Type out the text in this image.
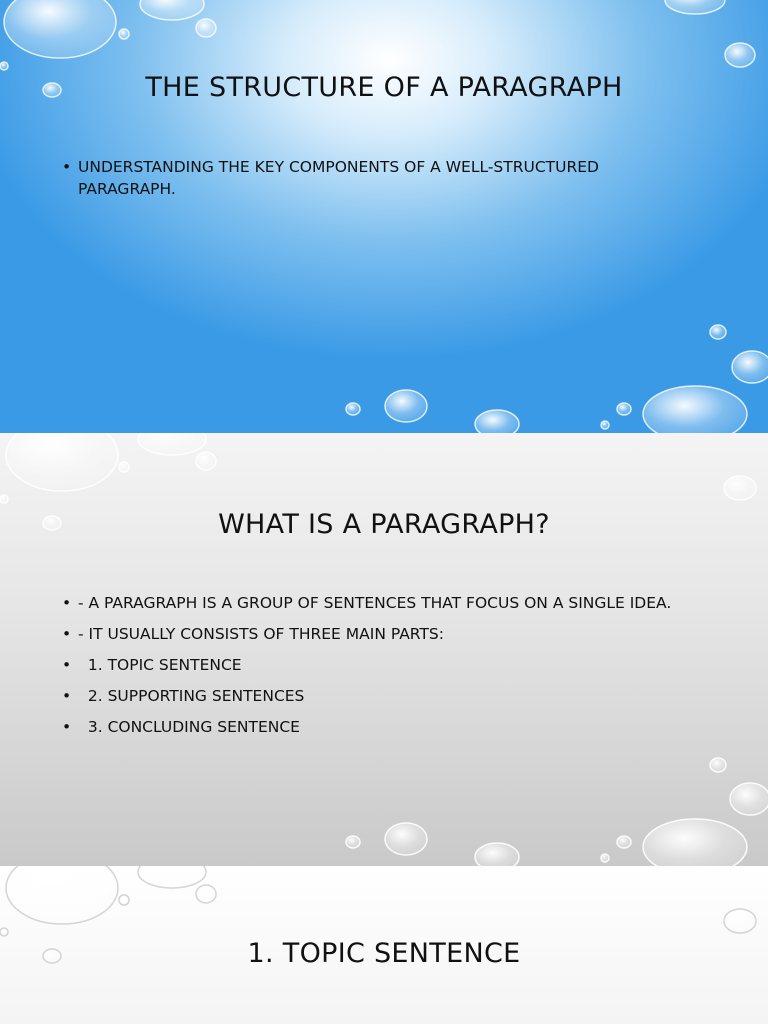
THE STRUCTURE OF A PARAGRAPH
• UNDERSTANDING THE KEY COMPONENTS OF A WELL-STRUCTURED PARAGRAPH.
WHAT IS A PARAGRAPH?
• - A PARAGRAPH IS A GROUP OF SENTENCES THAT FOCUS ON A SINGLE IDEA.
• - IT USUALLY CONSISTS OF THREE MAIN PARTS:
•  1. TOPIC SENTENCE
•  2. SUPPORTING SENTENCES
•  3. CONCLUDING SENTENCE
1. TOPIC SENTENCE
